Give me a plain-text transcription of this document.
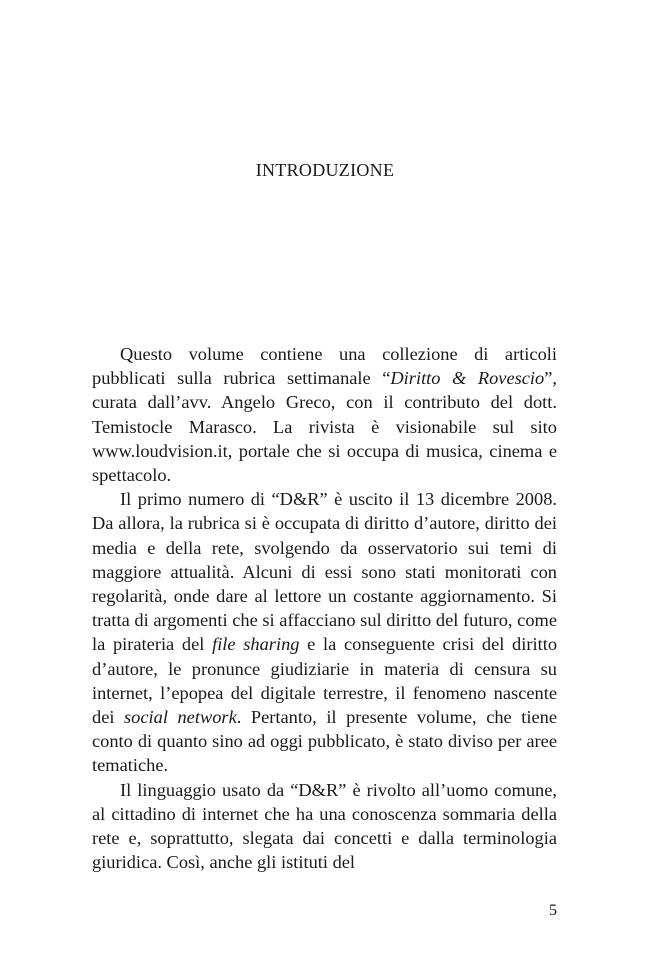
INTRODUZIONE

Questo volume contiene una collezione di articoli pubblicati sulla rubrica settimanale “Diritto & Rovescio”, curata dall’avv. Angelo Greco, con il contributo del dott. Temistocle Marasco. La rivista è visionabile sul sito www.loudvision.it, portale che si occupa di musica, cinema e spettacolo.

Il primo numero di “D&R” è uscito il 13 dicembre 2008. Da allora, la rubrica si è occupata di diritto d’autore, diritto dei media e della rete, svolgendo da osservatorio sui temi di maggiore attualità. Alcuni di essi sono stati monitorati con regolarità, onde dare al lettore un costante aggiornamento. Si tratta di argomenti che si affacciano sul diritto del futuro, come la pirateria del file sharing e la conseguente crisi del diritto d’autore, le pronunce giudiziarie in materia di censura su internet, l’epopea del digitale terrestre, il fenomeno nascente dei social network. Pertanto, il presente volume, che tiene conto di quanto sino ad oggi pubblicato, è stato diviso per aree tematiche.

Il linguaggio usato da “D&R” è rivolto all’uomo comune, al cittadino di internet che ha una conoscenza sommaria della rete e, soprattutto, slegata dai concetti e dalla terminologia giuridica. Così, anche gli istituti del

5
